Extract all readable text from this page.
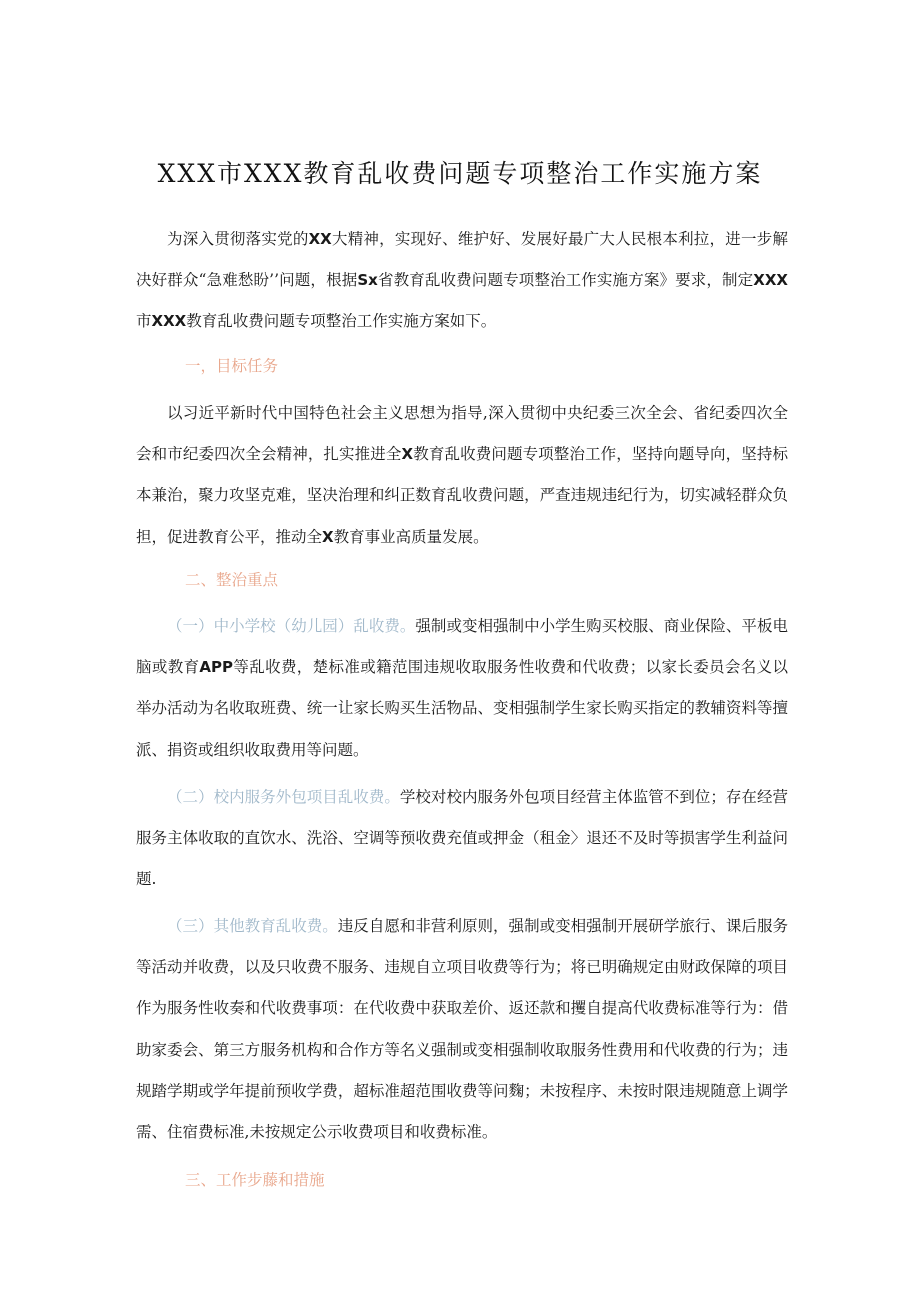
XXX市XXX教育乱收费问题专项整治工作实施方案

为深入贯彻落实党的XX大精神，实现好、维护好、发展好最广大人民根本利拉，进一步解决好群众“急难愁盼’’问题，根据Sx省教育乱收费问题专项整治工作实施方案》要求，制定XXX市XXX教育乱收费问题专项整治工作实施方案如下。

一，目标任务

以习近平新时代中国特色社会主义思想为指导,深入贯彻中央纪委三次全会、省纪委四次全会和市纪委四次全会精神，扎实推进全X教育乱收费问题专项整治工作，坚持向题导向，坚持标本兼治，聚力攻坚克难，坚决治理和纠正数育乱收费问题，严查违规违纪行为，切实减轻群众负担，促进教育公平，推动全X教育事业高质量发展。

二、整治重点

（一）中小学校（幼儿园）乱收费。强制或变相强制中小学生购买校服、商业保险、平板电脑或教育APP等乱收费，楚标准或籍范围违规收取服务性收费和代收费；以家长委员会名义以举办活动为名收取班费、统一让家长购买生活物品、变相强制学生家长购买指定的教辅资料等擅派、捐资或组织收取费用等问题。

（二）校内服务外包项目乱收费。学校对校内服务外包项目经营主体监管不到位；存在经营服务主体收取的直饮水、洗浴、空调等预收费充值或押金（租金〉退还不及时等损害学生利益问题.

（三）其他教育乱收费。违反自愿和非营利原则，强制或变相强制开展研学旅行、课后服务等活动并收费，以及只收费不服务、违规自立项目收费等行为；将已明确规定由财政保障的项目作为服务性收奏和代收费事项：在代收费中获取差价、返还款和攫自提高代收费标准等行为：借助家委会、第三方服务机构和合作方等名义强制或变相强制收取服务性费用和代收费的行为；违规踏学期或学年提前预收学费，超标准超范围收费等问麴；未按程序、未按时限违规随意上调学需、住宿费标准,未按规定公示收费项目和收费标准。

三、工作步藤和措施
